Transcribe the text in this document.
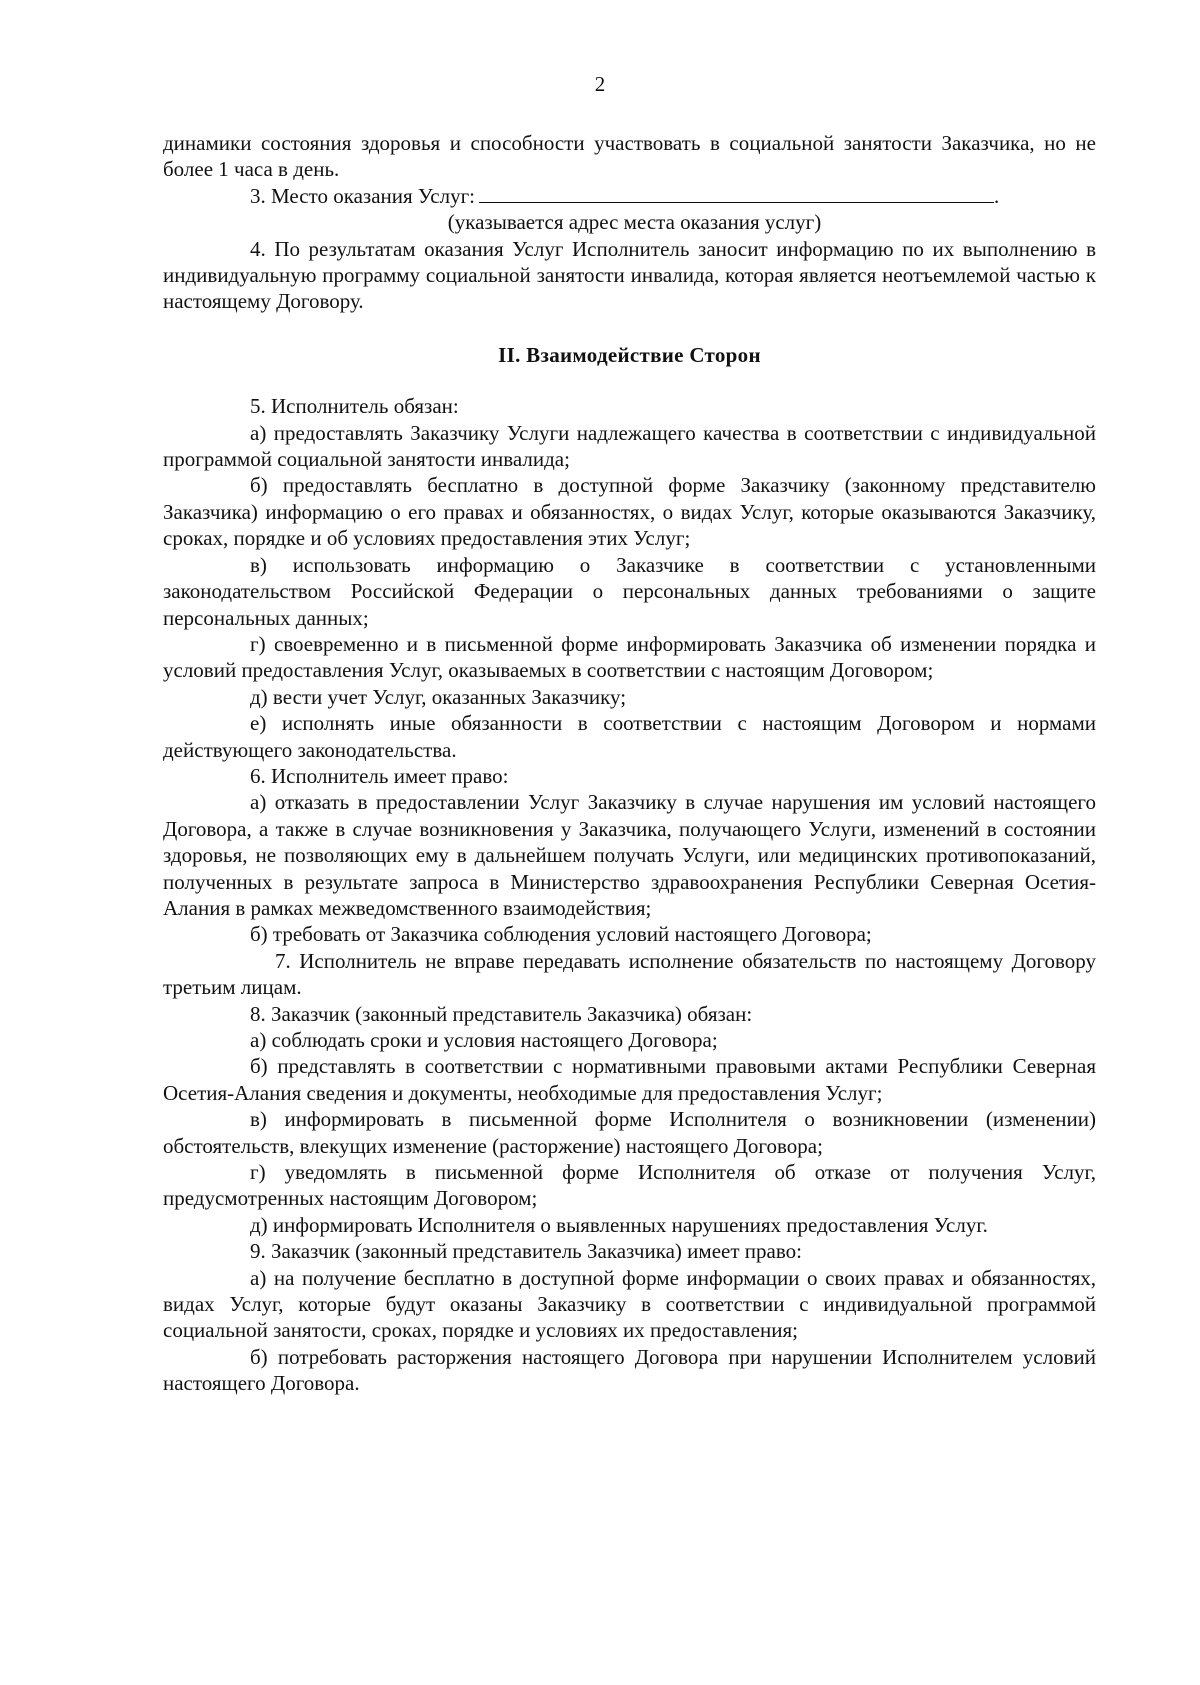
2

динамики состояния здоровья и способности участвовать в социальной занятости Заказчика, но не более 1 часа в день.

3. Место оказания Услуг:	.

(указывается адрес места оказания услуг)

4. По результатам оказания Услуг Исполнитель заносит информацию по их выполнению в индивидуальную программу социальной занятости инвалида, которая является неотъемлемой частью к настоящему Договору.

II. Взаимодействие Сторон

5. Исполнитель обязан:

а) предоставлять Заказчику Услуги надлежащего качества в соответствии с индивидуальной программой социальной занятости инвалида;

б) предоставлять бесплатно в доступной форме Заказчику (законному представителю Заказчика) информацию о его правах и обязанностях, о видах Услуг, которые оказываются Заказчику, сроках, порядке и об условиях предоставления этих Услуг;

в) использовать информацию о Заказчике в соответствии с установленными законодательством Российской Федерации о персональных данных требованиями о защите персональных данных;

г) своевременно и в письменной форме информировать Заказчика об изменении порядка и условий предоставления Услуг, оказываемых в соответствии с настоящим Договором;

д) вести учет Услуг, оказанных Заказчику;

е) исполнять иные обязанности в соответствии с настоящим Договором и нормами действующего законодательства.

6. Исполнитель имеет право:

а) отказать в предоставлении Услуг Заказчику в случае нарушения им условий настоящего Договора, а также в случае возникновения у Заказчика, получающего Услуги, изменений в состоянии здоровья, не позволяющих ему в дальнейшем получать Услуги, или медицинских противопоказаний, полученных в результате запроса в Министерство здравоохранения Республики Северная Осетия-Алания в рамках межведомственного взаимодействия;

б) требовать от Заказчика соблюдения условий настоящего Договора;

7. Исполнитель не вправе передавать исполнение обязательств по настоящему Договору третьим лицам.

8. Заказчик (законный представитель Заказчика) обязан:

а) соблюдать сроки и условия настоящего Договора;

б) представлять в соответствии с нормативными правовыми актами Республики Северная Осетия-Алания сведения и документы, необходимые для предоставления Услуг;

в) информировать в письменной форме Исполнителя о возникновении (изменении) обстоятельств, влекущих изменение (расторжение) настоящего Договора;

г) уведомлять в письменной форме Исполнителя об отказе от получения Услуг, предусмотренных настоящим Договором;

д) информировать Исполнителя о выявленных нарушениях предоставления Услуг.

9. Заказчик (законный представитель Заказчика) имеет право:

а) на получение бесплатно в доступной форме информации о своих правах и обязанностях, видах Услуг, которые будут оказаны Заказчику в соответствии с индивидуальной программой социальной занятости, сроках, порядке и условиях их предоставления;

б) потребовать расторжения настоящего Договора при нарушении Исполнителем условий настоящего Договора.
